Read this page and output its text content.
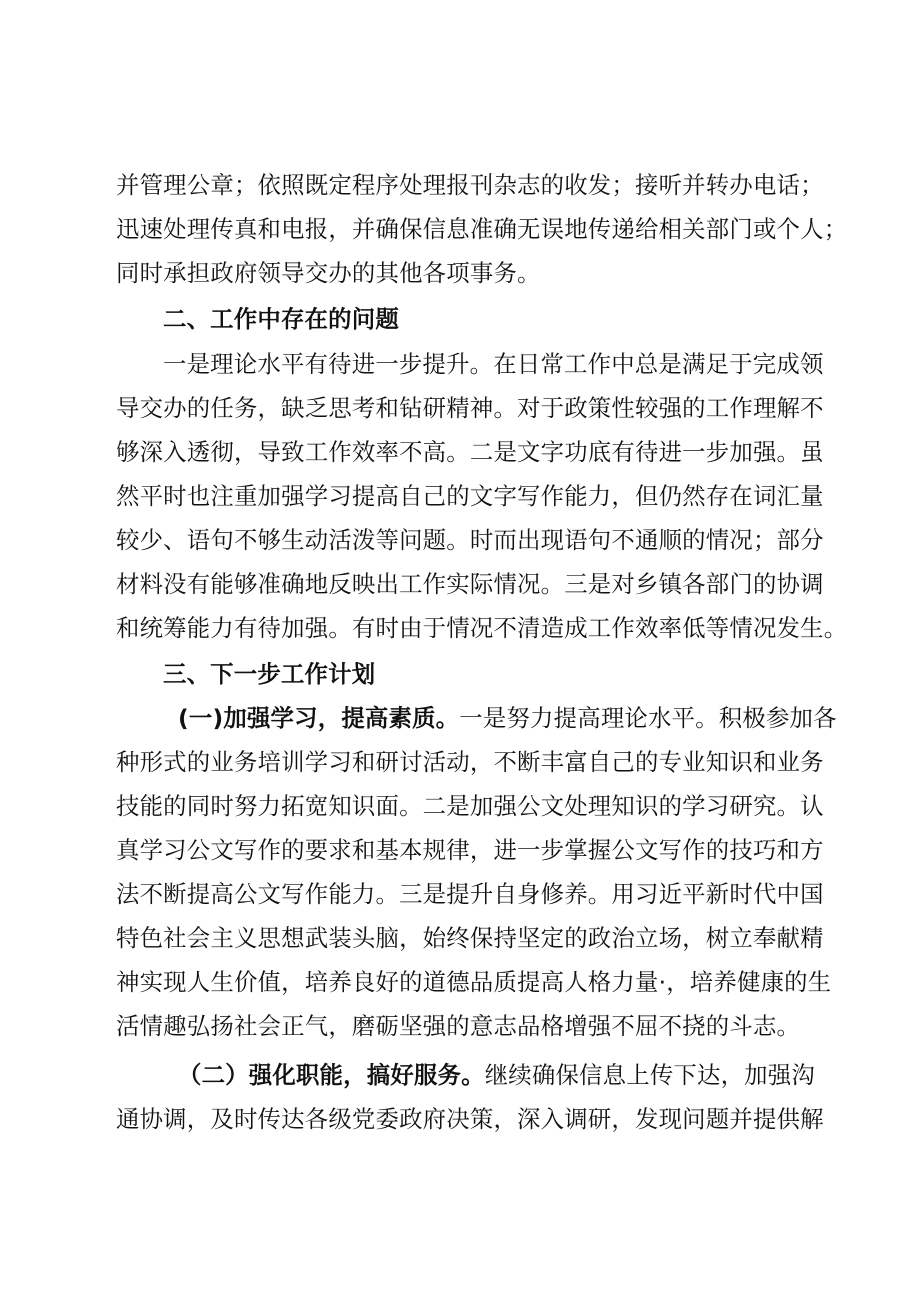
并管理公章；依照既定程序处理报刊杂志的收发；接听并转办电话；
迅速处理传真和电报，并确保信息准确无误地传递给相关部门或个人；
同时承担政府领导交办的其他各项事务。
二、工作中存在的问题
一是理论水平有待进一步提升。在日常工作中总是满足于完成领
导交办的任务，缺乏思考和钻研精神。对于政策性较强的工作理解不
够深入透彻，导致工作效率不高。二是文字功底有待进一步加强。虽
然平时也注重加强学习提高自己的文字写作能力，但仍然存在词汇量
较少、语句不够生动活泼等问题。时而出现语句不通顺的情况；部分
材料没有能够准确地反映出工作实际情况。三是对乡镇各部门的协调
和统筹能力有待加强。有时由于情况不清造成工作效率低等情况发生。
三、下一步工作计划
(一)加强学习，提高素质。一是努力提高理论水平。积极参加各
种形式的业务培训学习和研讨活动，不断丰富自己的专业知识和业务
技能的同时努力拓宽知识面。二是加强公文处理知识的学习研究。认
真学习公文写作的要求和基本规律，进一步掌握公文写作的技巧和方
法不断提高公文写作能力。三是提升自身修养。用习近平新时代中国
特色社会主义思想武装头脑，始终保持坚定的政治立场，树立奉献精
神实现人生价值，培养良好的道德品质提高人格力量·，培养健康的生
活情趣弘扬社会正气，磨砺坚强的意志品格增强不屈不挠的斗志。
（二）强化职能，搞好服务。继续确保信息上传下达，加强沟
通协调，及时传达各级党委政府决策，深入调研，发现问题并提供解
